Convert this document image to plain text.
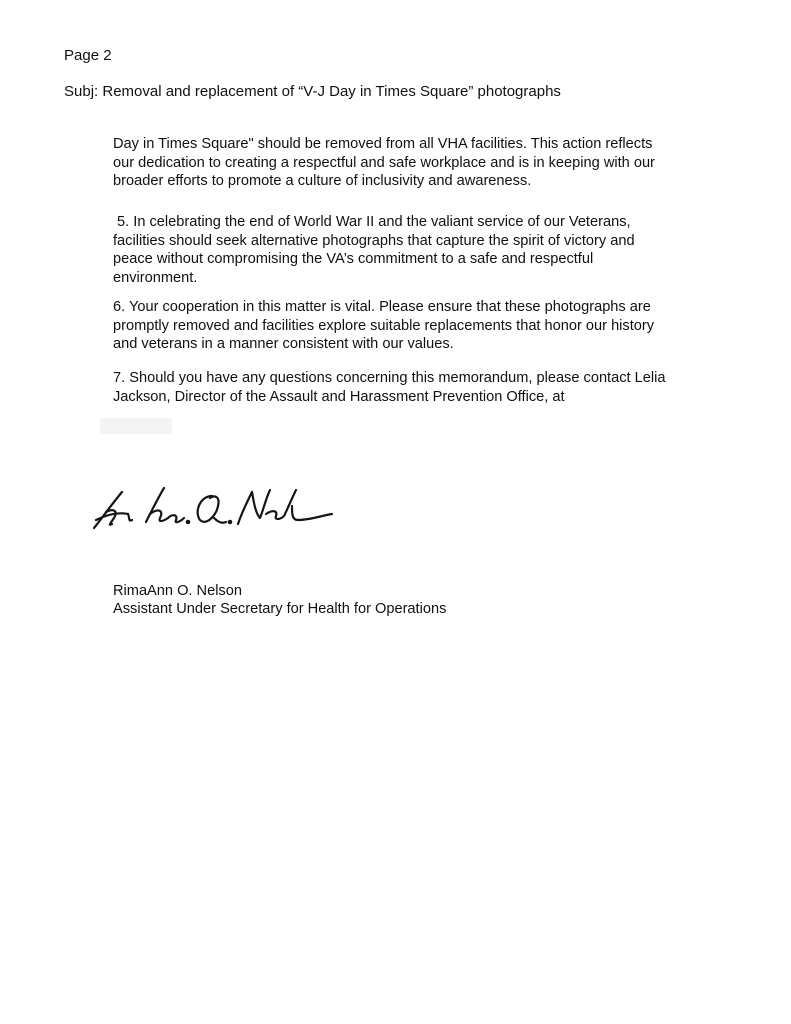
Page 2
Subj: Removal and replacement of “V-J Day in Times Square” photographs
Day in Times Square" should be removed from all VHA facilities. This action reflects
our dedication to creating a respectful and safe workplace and is in keeping with our
broader efforts to promote a culture of inclusivity and awareness.
5. In celebrating the end of World War II and the valiant service of our Veterans,
facilities should seek alternative photographs that capture the spirit of victory and
peace without compromising the VA’s commitment to a safe and respectful
environment.
6. Your cooperation in this matter is vital. Please ensure that these photographs are
promptly removed and facilities explore suitable replacements that honor our history
and veterans in a manner consistent with our values.
7. Should you have any questions concerning this memorandum, please contact Lelia
Jackson, Director of the Assault and Harassment Prevention Office, at
RimaAnn O. Nelson
Assistant Under Secretary for Health for Operations
